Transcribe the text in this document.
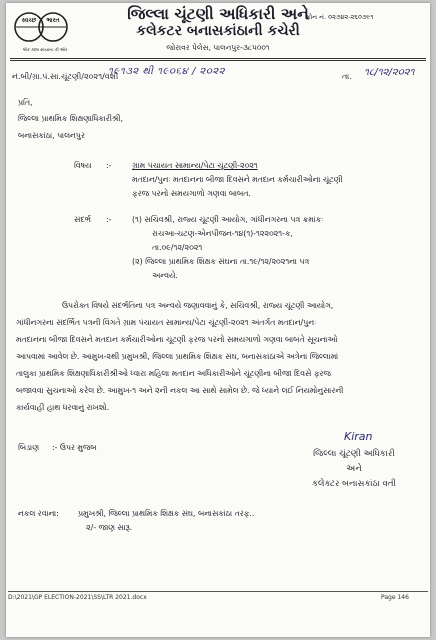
સ્વચ્છ ભારત
એક કદમ સ્વચ્છતા કી ઓર
જિલ્લા ચૂંટણી અધિકારી અને
કલેકટર બનાસકાંઠાની કચેરી
જોરાવર પેલેસ, પાલનપુર-૩૮૫૦૦૧
ફોન નં. ૦૨૭૪૨-૨૬૦૭૯૧
નં.બી/ગ્રા.પં.સા.ચૂંટણી/૨૦૨૧/વશી
૧૯૧૩૨ થી ૧૯૦૬૪ / ૨૦૨૨	તા. ૧૮/૧૨/૨૦૨૧
પ્રતિ,
જિલ્લા પ્રાથમિક શિક્ષણાધિકારીશ્રી,
બનાસકાંઠા, પાલનપુર
વિષય :-	ગ્રામ પંચાયત સામાન્ય/પેટા ચૂંટણી-૨૦૨૧
મતદાન/પુનઃ મતદાનના બીજા દિવસને મતદાન કર્મચારીઓના ચૂંટણી
ફરજ પરનો સમયગાળો ગણવા બાબત.
સંદર્ભ :-	(૧) સચિવશ્રી, રાજ્ય ચૂંટણી આયોગ, ગાંધીનગરના પત્ર ક્રમાંકઃ
રાચઆ-ચટણ-એનપીજન-૧૪(૧)-૧૨૨૦૨૧-ક,
તા.૦૯/૧૨/૨૦૨૧
(૨) જિલ્લા પ્રાથમિક શિક્ષક સંઘના તા.૧૯/૧૨/૨૦૨૧ના પત્ર
અન્વયે.
ઉપરોક્ત વિષયે સંદર્ભતિના પત્ર અન્વયે જણાવવાનું કે, સચિવશ્રી, રાજ્ય ચૂંટણી આયોગ,
ગાંધીનગરના સંદર્ભિત પત્રની વિગતે ગ્રામ પંચાયત સામાન્ય/પેટા ચૂંટણી-૨૦૨૧ અંતર્ગત મતદાન/પુનઃ
મતદાનના બીજા દિવસને મતદાન કર્મચારીઓના ચૂંટણી ફરજ પરનો સમયગાળો ગણવા બાબતે સૂચનાઓ
આપવામાં આવેલ છે. આમુખ-૨થી પ્રમુખશ્રી, જિલ્લા પ્રાથમિક શિક્ષક સંઘ, બનાસકાંઠાએ અત્રેના જિલ્લામાં
તાલુકા પ્રાથમિક શિક્ષણાધિકારીશ્રીઓ ધ્વારા મહિલા મતદાન અધિકારીઓને ચૂંટણીના બીજા દિવસે ફરજ
બજાવવા સુચનાઓ કરેલ છે. આમુખ-૧ અને ૨ની નકલ આ સાથે સામેલ છે. જે ધ્યાને લઈ નિયમોનુસારની
કાર્યવાહી હાથ ધરવાનું રાખશો.
બિડાણ :- ઉપર મુજબ
Kiran
જિલ્લા ચૂંટણી અધિકારી
અને
કલેક્ટર બનાસકાંઠા વતી
નકલ રવાના: પ્રમુખશ્રી, જિલ્લા પ્રાથમિક શિક્ષક સંઘ, બનાસકાંઠા તરફ..
૨/- જાણ સારૂ.
D:\2021\GP ELECTION-2021\SS\LTR 2021.docx	Page 146
